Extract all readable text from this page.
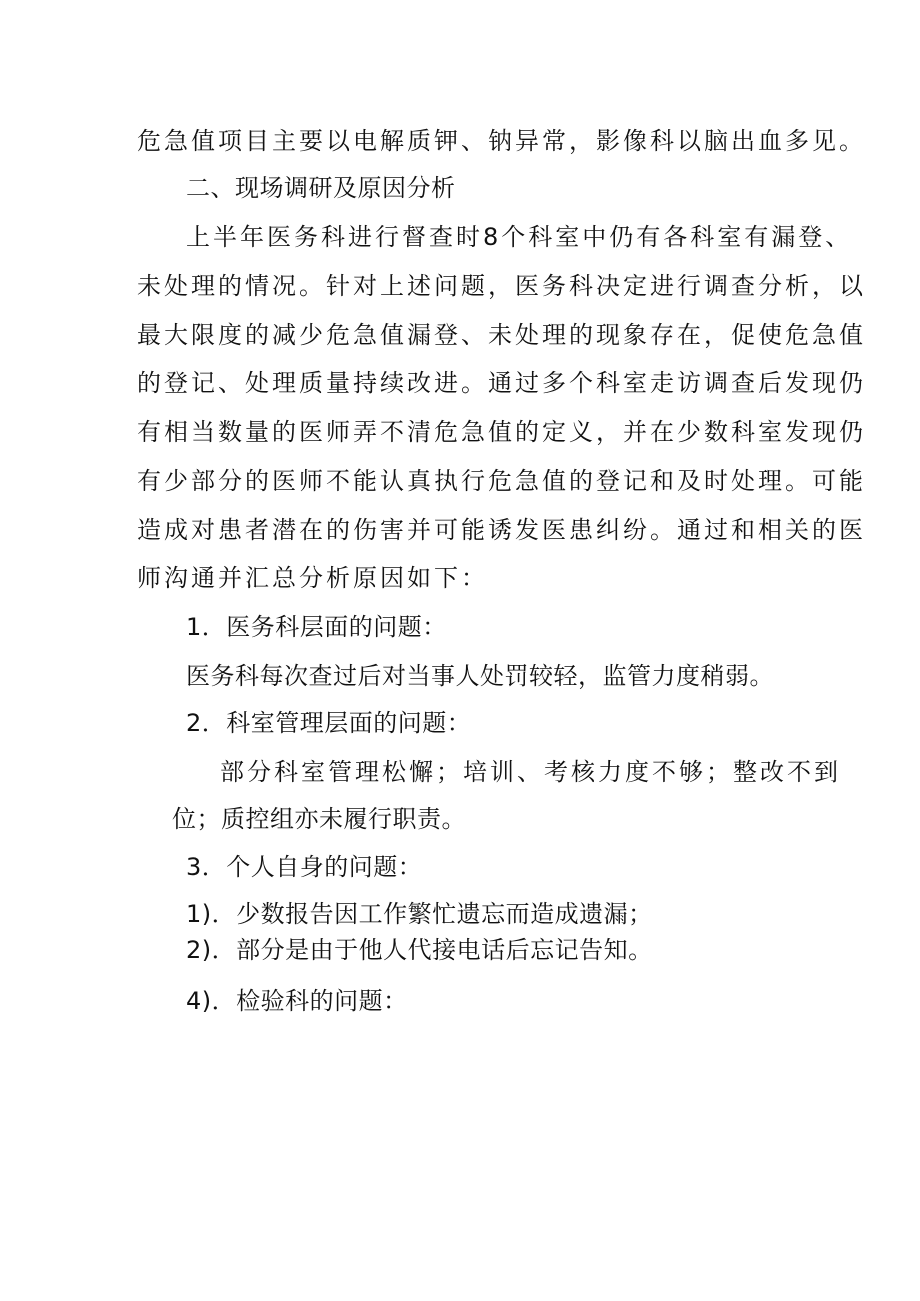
危急值项目主要以电解质钾、钠异常，影像科以脑出血多见。
二、现场调研及原因分析
上半年医务科进行督查时8个科室中仍有各科室有漏登、
未处理的情况。针对上述问题，医务科决定进行调查分析，以
最大限度的减少危急值漏登、未处理的现象存在，促使危急值
的登记、处理质量持续改进。通过多个科室走访调查后发现仍
有相当数量的医师弄不清危急值的定义，并在少数科室发现仍
有少部分的医师不能认真执行危急值的登记和及时处理。可能
造成对患者潜在的伤害并可能诱发医患纠纷。通过和相关的医
师沟通并汇总分析原因如下：
1．医务科层面的问题：
医务科每次查过后对当事人处罚较轻，监管力度稍弱。
2．科室管理层面的问题：
部分科室管理松懈；培训、考核力度不够；整改不到
位；质控组亦未履行职责。
3．个人自身的问题：
1)．少数报告因工作繁忙遗忘而造成遗漏；
2)．部分是由于他人代接电话后忘记告知。
4)．检验科的问题：
